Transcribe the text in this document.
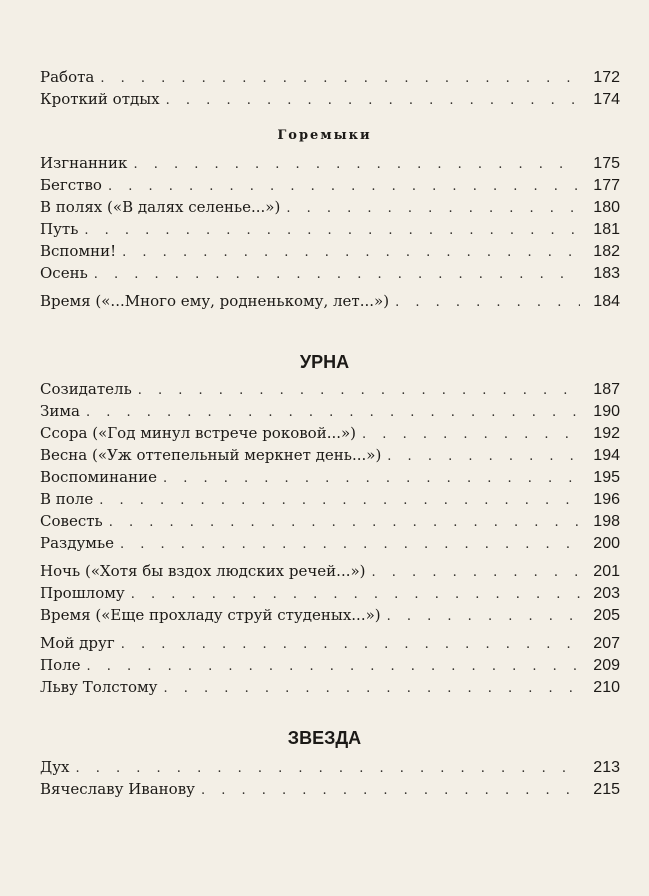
Работа . . .	172
Кроткий отдых . . .	174
Горемыки
Изгнанник . . .	175
Бегство . . .	177
В полях («В далях селенье...») . . .	180
Путь . . .	181
Вспомни! . . .	182
Осень . . .	183
Время («...Много ему, родненькому, лет...») . . .	184
УРНА
Созидатель . . .	187
Зима . . .	190
Ссора («Год минул встрече роковой...») . . .	192
Весна («Уж оттепельный меркнет день...») . . .	194
Воспоминание . . .	195
В поле . . .	196
Совесть . . .	198
Раздумье . . .	200
Ночь («Хотя бы вздох людских речей...») . . .	201
Прошлому . . .	203
Время («Еще прохладу струй студеных...») . . .	205
Мой друг . . .	207
Поле . . .	209
Льву Толстому . . .	210
ЗВЕЗДА
Дух . . .	213
Вячеславу Иванову . . .	215
